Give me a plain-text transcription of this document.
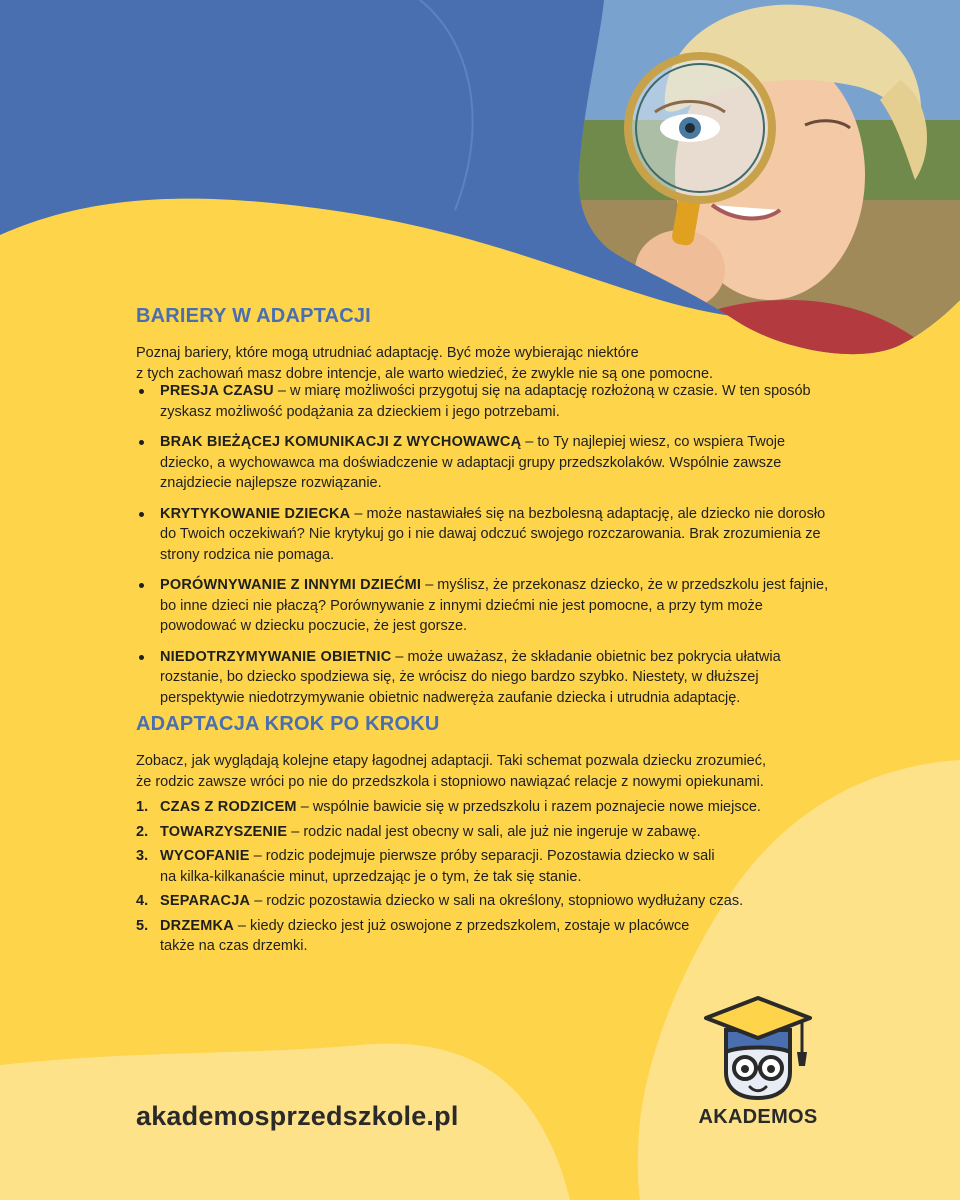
BARIERY W ADAPTACJI

Poznaj bariery, które mogą utrudniać adaptację. Być może wybierając niektóre
z tych zachowań masz dobre intencje, ale warto wiedzieć, że zwykle nie są one pomocne.

PRESJA CZASU – w miarę możliwości przygotuj się na adaptację rozłożoną w czasie. W ten sposób zyskasz możliwość podążania za dzieckiem i jego potrzebami.
BRAK BIEŻĄCEJ KOMUNIKACJI Z WYCHOWAWCĄ – to Ty najlepiej wiesz, co wspiera Twoje dziecko, a wychowawca ma doświadczenie w adaptacji grupy przedszkolaków. Wspólnie zawsze znajdziecie najlepsze rozwiązanie.
KRYTYKOWANIE DZIECKA – może nastawiałeś się na bezbolesną adaptację, ale dziecko nie dorosło do Twoich oczekiwań? Nie krytykuj go i nie dawaj odczuć swojego rozczarowania. Brak zrozumienia ze strony rodzica nie pomaga.
PORÓWNYWANIE Z INNYMI DZIEĆMI – myślisz, że przekonasz dziecko, że w przedszkolu jest fajnie, bo inne dzieci nie płaczą? Porównywanie z innymi dziećmi nie jest pomocne, a przy tym może powodować w dziecku poczucie, że jest gorsze.
NIEDOTRZYMYWANIE OBIETNIC – może uważasz, że składanie obietnic bez pokrycia ułatwia rozstanie, bo dziecko spodziewa się, że wrócisz do niego bardzo szybko. Niestety, w dłuższej perspektywie niedotrzymywanie obietnic nadweręża zaufanie dziecka i utrudnia adaptację.
ADAPTACJA KROK PO KROKU

Zobacz, jak wyglądają kolejne etapy łagodnej adaptacji. Taki schemat pozwala dziecku zrozumieć,
że rodzic zawsze wróci po nie do przedszkola i stopniowo nawiązać relacje z nowymi opiekunami.

1. CZAS Z RODZICEM – wspólnie bawicie się w przedszkolu i razem poznajecie nowe miejsce.
2. TOWARZYSZENIE – rodzic nadal jest obecny w sali, ale już nie ingeruje w zabawę.
3. WYCOFANIE – rodzic podejmuje pierwsze próby separacji. Pozostawia dziecko w sali na kilka-kilkanaście minut, uprzedzając je o tym, że tak się stanie.
4. SEPARACJA – rodzic pozostawia dziecko w sali na określony, stopniowo wydłużany czas.
5. DRZEMKA – kiedy dziecko jest już oswojone z przedszkolem, zostaje w placówce także na czas drzemki.

akademosprzedszkole.pl	AKADEMOS
